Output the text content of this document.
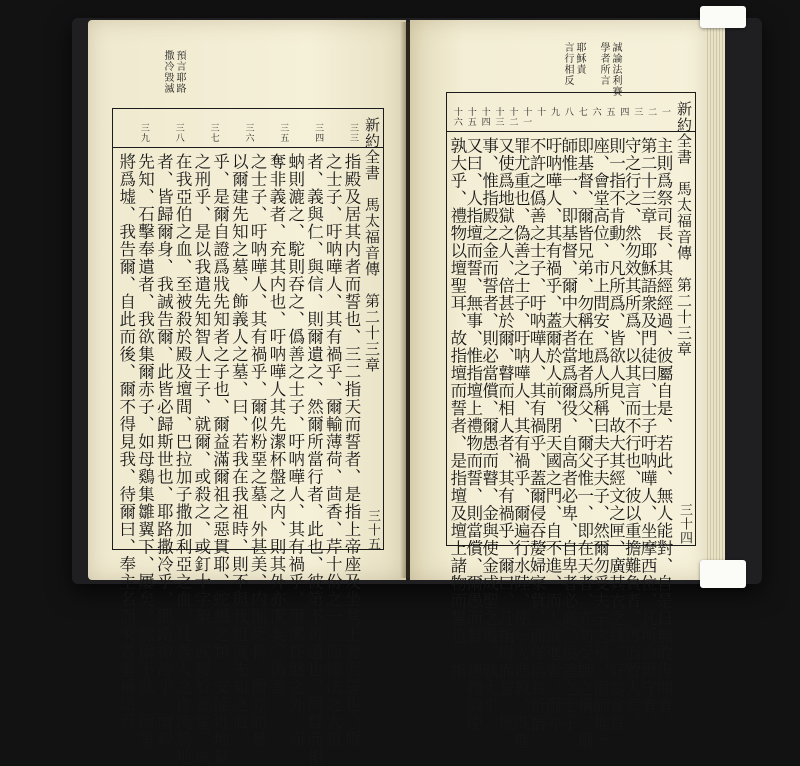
三三
三四
三五
三六
三七
三八
三九
指殿及居其内者而誓也、三二指天而誓者、是指上帝座及坐其上者而誓也〇爾
之士子、吁呐嘩人、其有禍乎、爾輸薄荷、茴香、芹十份之一、而律法之大重
者、義與仁、與信、則爾遺之、然爾所當行者、此也、彼第不可遺也、爾瞽而相
蚋則漉之、駝則吞之、僞善之士子、吁呐嘩人、其有禍乎、爾潔杯盤之外、而
奪非義者、充其内也、吁呐嘩人其先潔杯盤之内、則其外亦潔矣〇偽善
之士子、吁呐嘩人、其有禍乎、爾似粉堊之墓、外甚美、内則死骨、爾亦如是
以爾建先知之墓、飾義人之墓、曰、若我在我祖時、則不與我祖流先知之血、
乎、是爾自證爲戕先知者之子也、爾益滿爾祖之惡貫耶、蛇蝎之類、安能逃地獄
之刑乎、是以我遣先知智人士子、就爾、或殺之、或釘十字架、或鞭於會堂、或
在我亞伯之血、至被殺於殿及壇間、巴拉加子撒加利亞之血、凡義人之血流於地
者、皆歸爾身、我誠告爾、此皆必歸斯世也、耶路撒冷乎、耶路撒冷乎、爾殺
先知、石擊奉遣者、我欲集爾赤子、如母鷄集雛翼下、屢矣、然爾不欲、爾室
將爲墟、我告爾、自此而後、爾不得見我、待爾曰、奉主名而來者當稱頌焉	新約全書　馬太福音傳　第二十三章
三十五
預言耶路
撒冷毀滅
一
二
三
四
五
六
七
八
九
十
十一
十二
十三
十四
十五
十六
主則爲祭司長、其經經過、彼屬自是、若此、無人能對、自是日無敢復問者、
第二十三章　耶穌語衆及門徒曰、士子吁呐嘩人、坐摩西位、凡所命爾守者、
守之行之、然勿效其所爲、以其言而不行也、彼以重擔難負者、縛而置人肩、
則一指不肯動、凡所爲、皆欲人見、故大其經文之匣、廣其衣之緣、好宴會首
座、會堂高位、市上問安、爲人所稱曰夫子夫子、然爾勿受夫子之稱、爾師惟一
即基督、爾皆兄弟、勿稱在地者爲父、爾父惟一、即在天者、亦勿受師之稱、爾
師惟一、即基督、爾中大者當爲爾役、自高者必卑、自卑者必高〇僞善之士子
吁呐嘩人、其有禍乎、蓋爾於人前、閉天國之門、自不進、而人欲進者、爾亦
不許之僞善之士子、吁呐嘩人、其有禍乎、蓋爾侵吞嫠婦家貲、而佯爲長祈禱
罪尤重也、偽善之士子、吁呐嘩人、其有禍乎、爾遍行水陸、使一人進教、既進
又使爲地獄之人、倍甚於爾、瞽而相人者、其有禍乎、爾曰、凡指殿而誓、無
事、惟指殿之金而誓者、則必當償、爾愚而瞽、金與使金成聖之殿、孰大乎、
又曰、人指壇而誓、無事、惟指壇上禮物而誓、則當償、爾愚而瞽、禮物與使
孰大乎、禮物以壇聖耳、故指壇而誓者、是指壇及壇上諸物而誓也、指	新約全書　馬太福音傳　第二十三章
三十四
誠論法利賽
學者所言
耶穌責
言行相反
